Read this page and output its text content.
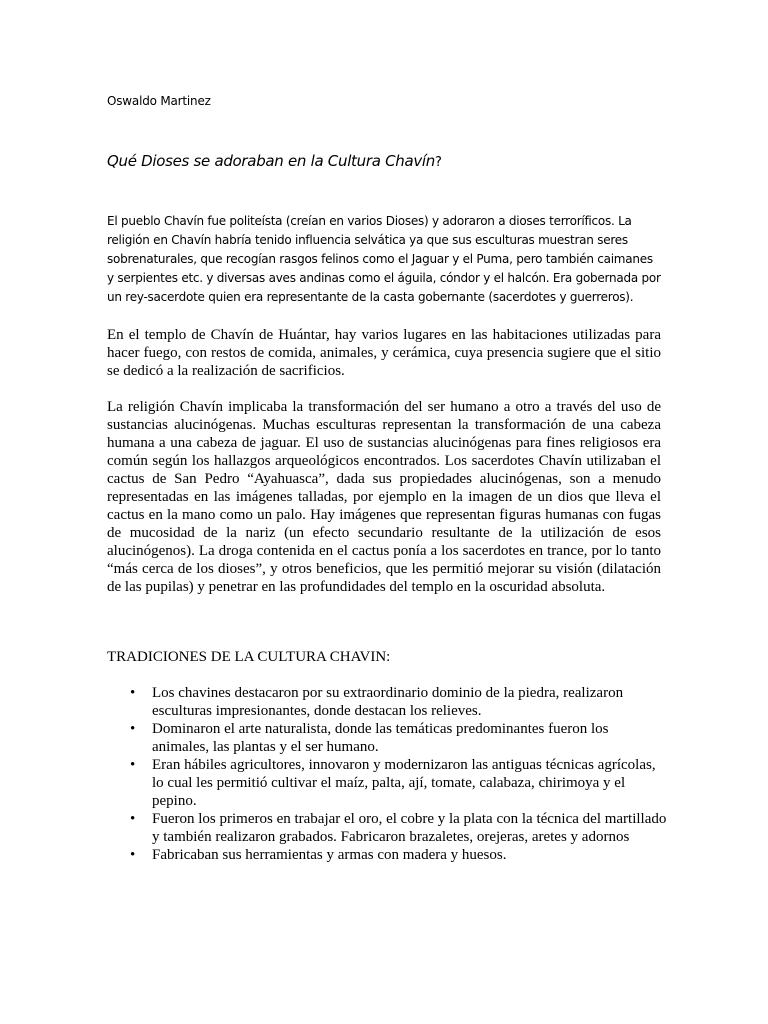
Oswaldo Martinez
Qué Dioses se adoraban en la Cultura Chavín?

El pueblo Chavín fue politeísta (creían en varios Dioses) y adoraron a dioses terroríficos. La religión en Chavín habría tenido influencia selvática ya que sus esculturas muestran seres sobrenaturales, que recogían rasgos felinos como el Jaguar y el Puma, pero también caimanes y serpientes etc. y diversas aves andinas como el águila, cóndor y el halcón. Era gobernada por un rey-sacerdote quien era representante de la casta gobernante (sacerdotes y guerreros).

En el templo de Chavín de Huántar, hay varios lugares en las habitaciones utilizadas para hacer fuego, con restos de comida, animales, y cerámica, cuya presencia sugiere que el sitio se dedicó a la realización de sacrificios.

La religión Chavín implicaba la transformación del ser humano a otro a través del uso de sustancias alucinógenas. Muchas esculturas representan la transformación de una cabeza humana a una cabeza de jaguar. El uso de sustancias alucinógenas para fines religiosos era común según los hallazgos arqueológicos encontrados. Los sacerdotes Chavín utilizaban el cactus de San Pedro “Ayahuasca”, dada sus propiedades alucinógenas, son a menudo representadas en las imágenes talladas, por ejemplo en la imagen de un dios que lleva el cactus en la mano como un palo. Hay imágenes que representan figuras humanas con fugas de mucosidad de la nariz (un efecto secundario resultante de la utilización de esos alucinógenos). La droga contenida en el cactus ponía a los sacerdotes en trance, por lo tanto “más cerca de los dioses”, y otros beneficios, que les permitió mejorar su visión (dilatación de las pupilas) y penetrar en las profundidades del templo en la oscuridad absoluta.

TRADICIONES DE LA CULTURA CHAVIN:
• Los chavines destacaron por su extraordinario dominio de la piedra, realizaron esculturas impresionantes, donde destacan los relieves.
• Dominaron el arte naturalista, donde las temáticas predominantes fueron los animales, las plantas y el ser humano.
• Eran hábiles agricultores, innovaron y modernizaron las antiguas técnicas agrícolas, lo cual les permitió cultivar el maíz, palta, ají, tomate, calabaza, chirimoya y el pepino.
• Fueron los primeros en trabajar el oro, el cobre y la plata con la técnica del martillado y también realizaron grabados. Fabricaron brazaletes, orejeras, aretes y adornos
• Fabricaban sus herramientas y armas con madera y huesos.
